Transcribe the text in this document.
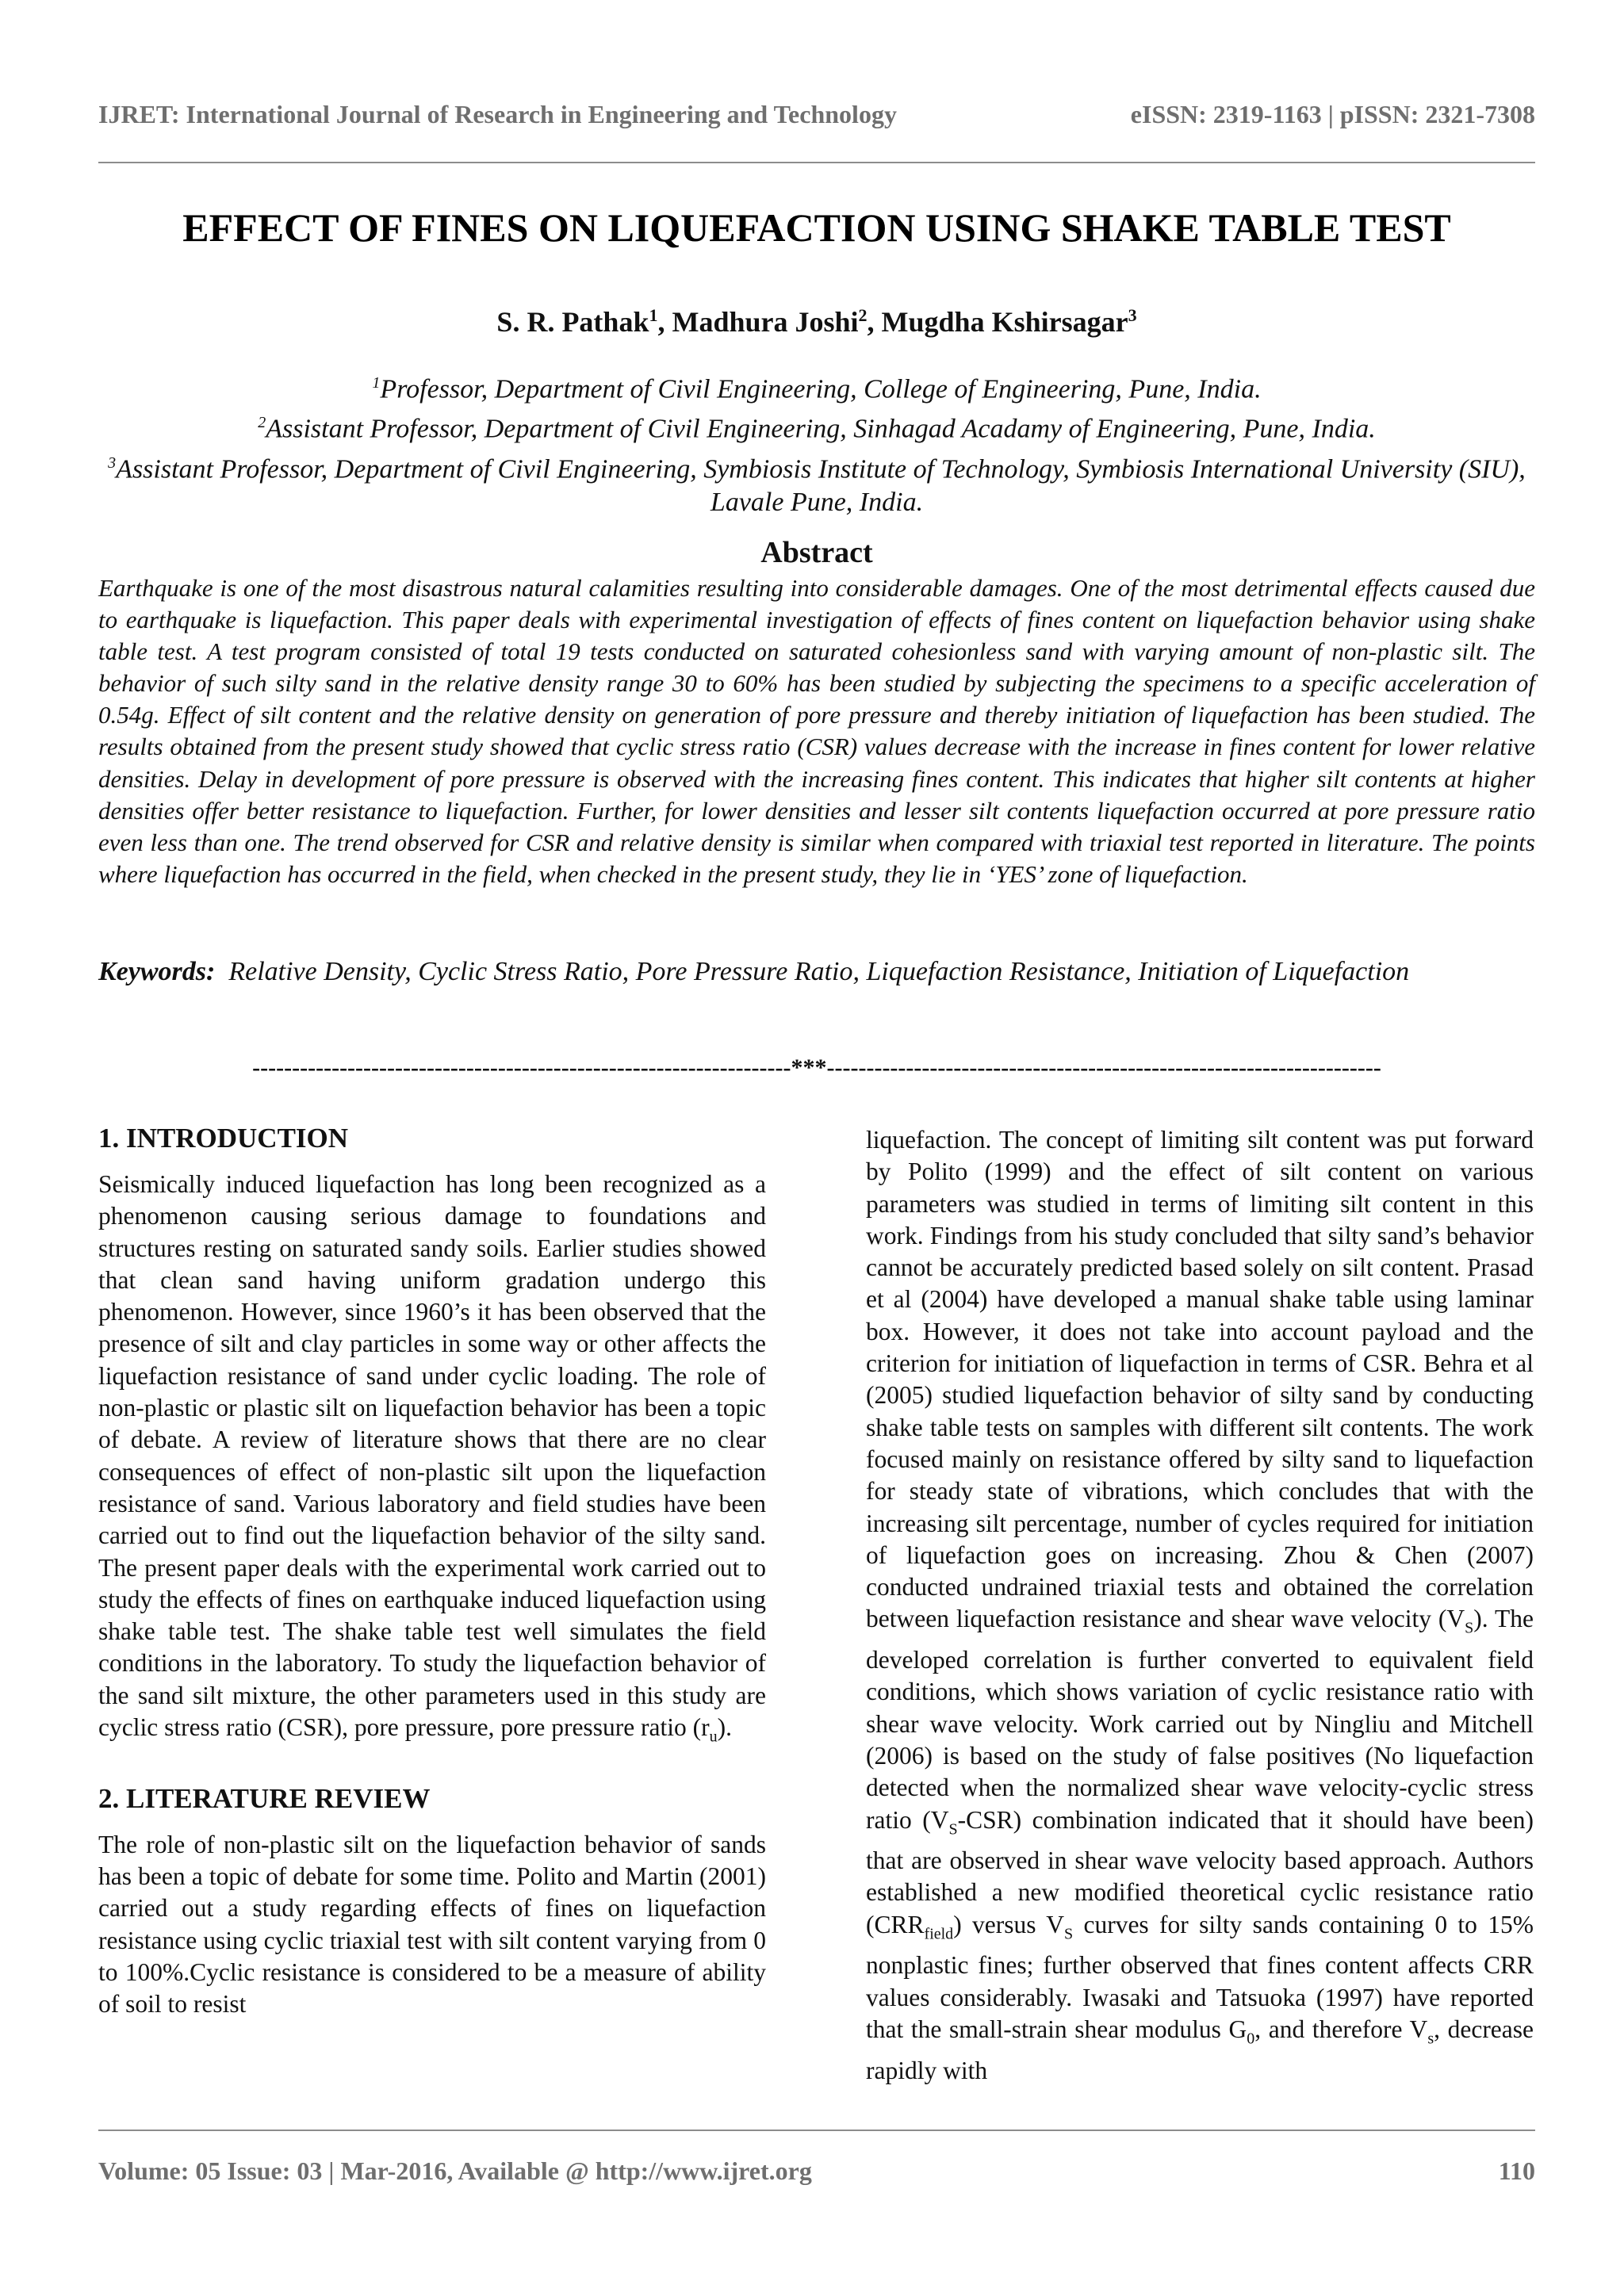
IJRET: International Journal of Research in Engineering and Technology	eISSN: 2319-1163 | pISSN: 2321-7308
EFFECT OF FINES ON LIQUEFACTION USING SHAKE TABLE TEST
S. R. Pathak$^1$, Madhura Joshi$^2$, Mugdha Kshirsagar$^3$
$^1$Professor, Department of Civil Engineering, College of Engineering, Pune, India.
$^2$Assistant Professor, Department of Civil Engineering, Sinhagad Acadamy of Engineering, Pune, India.
$^3$Assistant Professor, Department of Civil Engineering, Symbiosis Institute of Technology, Symbiosis International University (SIU), Lavale Pune, India.
Abstract
Earthquake is one of the most disastrous natural calamities resulting into considerable damages. One of the most detrimental effects caused due to earthquake is liquefaction. This paper deals with experimental investigation of effects of fines content on liquefaction behavior using shake table test. A test program consisted of total 19 tests conducted on saturated cohesionless sand with varying amount of non-plastic silt. The behavior of such silty sand in the relative density range 30 to 60% has been studied by subjecting the specimens to a specific acceleration of 0.54g. Effect of silt content and the relative density on generation of pore pressure and thereby initiation of liquefaction has been studied. The results obtained from the present study showed that cyclic stress ratio (CSR) values decrease with the increase in fines content for lower relative densities. Delay in development of pore pressure is observed with the increasing fines content. This indicates that higher silt contents at higher densities offer better resistance to liquefaction. Further, for lower densities and lesser silt contents liquefaction occurred at pore pressure ratio even less than one. The trend observed for CSR and relative density is similar when compared with triaxial test reported in literature. The points where liquefaction has occurred in the field, when checked in the present study, they lie in ‘YES’ zone of liquefaction.
Keywords: Relative Density, Cyclic Stress Ratio, Pore Pressure Ratio, Liquefaction Resistance, Initiation of Liquefaction
--------------------------------------------------------------------***----------------------------------------------------------------------
1. INTRODUCTION

Seismically induced liquefaction has long been recognized as a phenomenon causing serious damage to foundations and structures resting on saturated sandy soils. Earlier studies showed that clean sand having uniform gradation undergo this phenomenon. However, since 1960’s it has been observed that the presence of silt and clay particles in some way or other affects the liquefaction resistance of sand under cyclic loading. The role of non-plastic or plastic silt on liquefaction behavior has been a topic of debate. A review of literature shows that there are no clear consequences of effect of non-plastic silt upon the liquefaction resistance of sand. Various laboratory and field studies have been carried out to find out the liquefaction behavior of the silty sand. The present paper deals with the experimental work carried out to study the effects of fines on earthquake induced liquefaction using shake table test. The shake table test well simulates the field conditions in the laboratory. To study the liquefaction behavior of the sand silt mixture, the other parameters used in this study are cyclic stress ratio (CSR), pore pressure, pore pressure ratio $(r_u)$.

2. LITERATURE REVIEW

The role of non-plastic silt on the liquefaction behavior of sands has been a topic of debate for some time. Polito and Martin (2001) carried out a study regarding effects of fines on liquefaction resistance using cyclic triaxial test with silt content varying from 0 to 100%.Cyclic resistance is considered to be a measure of ability of soil to resist

liquefaction. The concept of limiting silt content was put forward by Polito (1999) and the effect of silt content on various parameters was studied in terms of limiting silt content in this work. Findings from his study concluded that silty sand’s behavior cannot be accurately predicted based solely on silt content. Prasad et al (2004) have developed a manual shake table using laminar box. However, it does not take into account payload and the criterion for initiation of liquefaction in terms of CSR. Behra et al (2005) studied liquefaction behavior of silty sand by conducting shake table tests on samples with different silt contents. The work focused mainly on resistance offered by silty sand to liquefaction for steady state of vibrations, which concludes that with the increasing silt percentage, number of cycles required for initiation of liquefaction goes on increasing. Zhou & Chen (2007) conducted undrained triaxial tests and obtained the correlation between liquefaction resistance and shear wave velocity $(V_S)$. The developed correlation is further converted to equivalent field conditions, which shows variation of cyclic resistance ratio with shear wave velocity. Work carried out by Ningliu and Mitchell (2006) is based on the study of false positives (No liquefaction detected when the normalized shear wave velocity-cyclic stress ratio $(V_S-CSR)$ combination indicated that it should have been) that are observed in shear wave velocity based approach. Authors established a new modified theoretical cyclic resistance ratio $(CRR_{field})$ versus $V_S$ curves for silty sands containing 0 to 15% nonplastic fines; further observed that fines content affects CRR values considerably. Iwasaki and Tatsuoka (1997) have reported that the small-strain shear modulus $G_0$, and therefore $V_s$, decrease rapidly with

Volume: 05 Issue: 03 | Mar-2016, Available @ http://www.ijret.org	110
